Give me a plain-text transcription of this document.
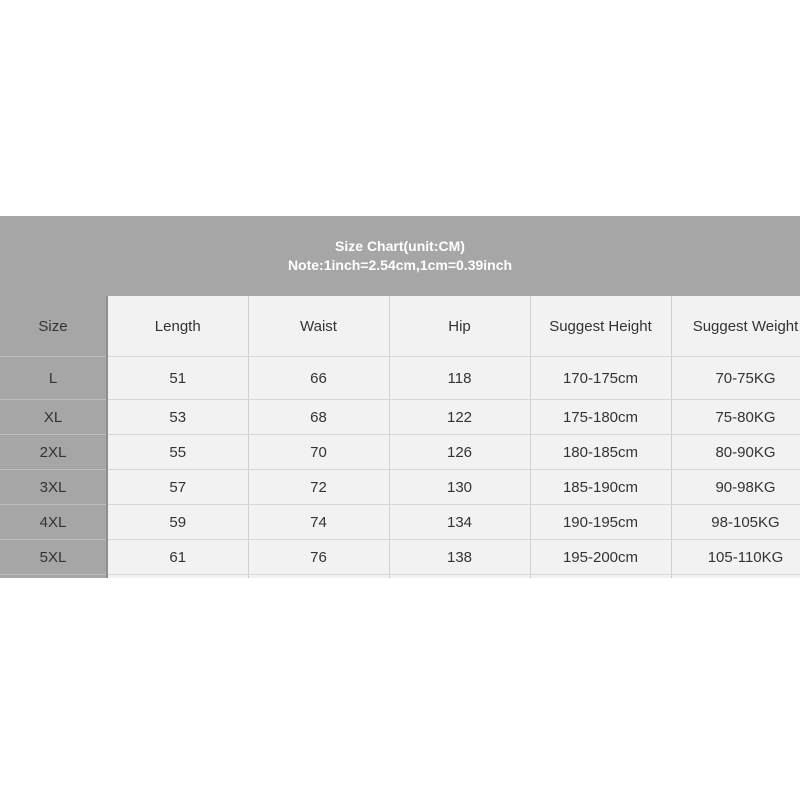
Size Chart(unit:CM)
Note:1inch=2.54cm,1cm=0.39inch
Size	Length	Waist	Hip	Suggest Height	Suggest Weight
L	51	66	118	170-175cm	70-75KG
XL	53	68	122	175-180cm	75-80KG
2XL	55	70	126	180-185cm	80-90KG
3XL	57	72	130	185-190cm	90-98KG
4XL	59	74	134	190-195cm	98-105KG
5XL	61	76	138	195-200cm	105-110KG
